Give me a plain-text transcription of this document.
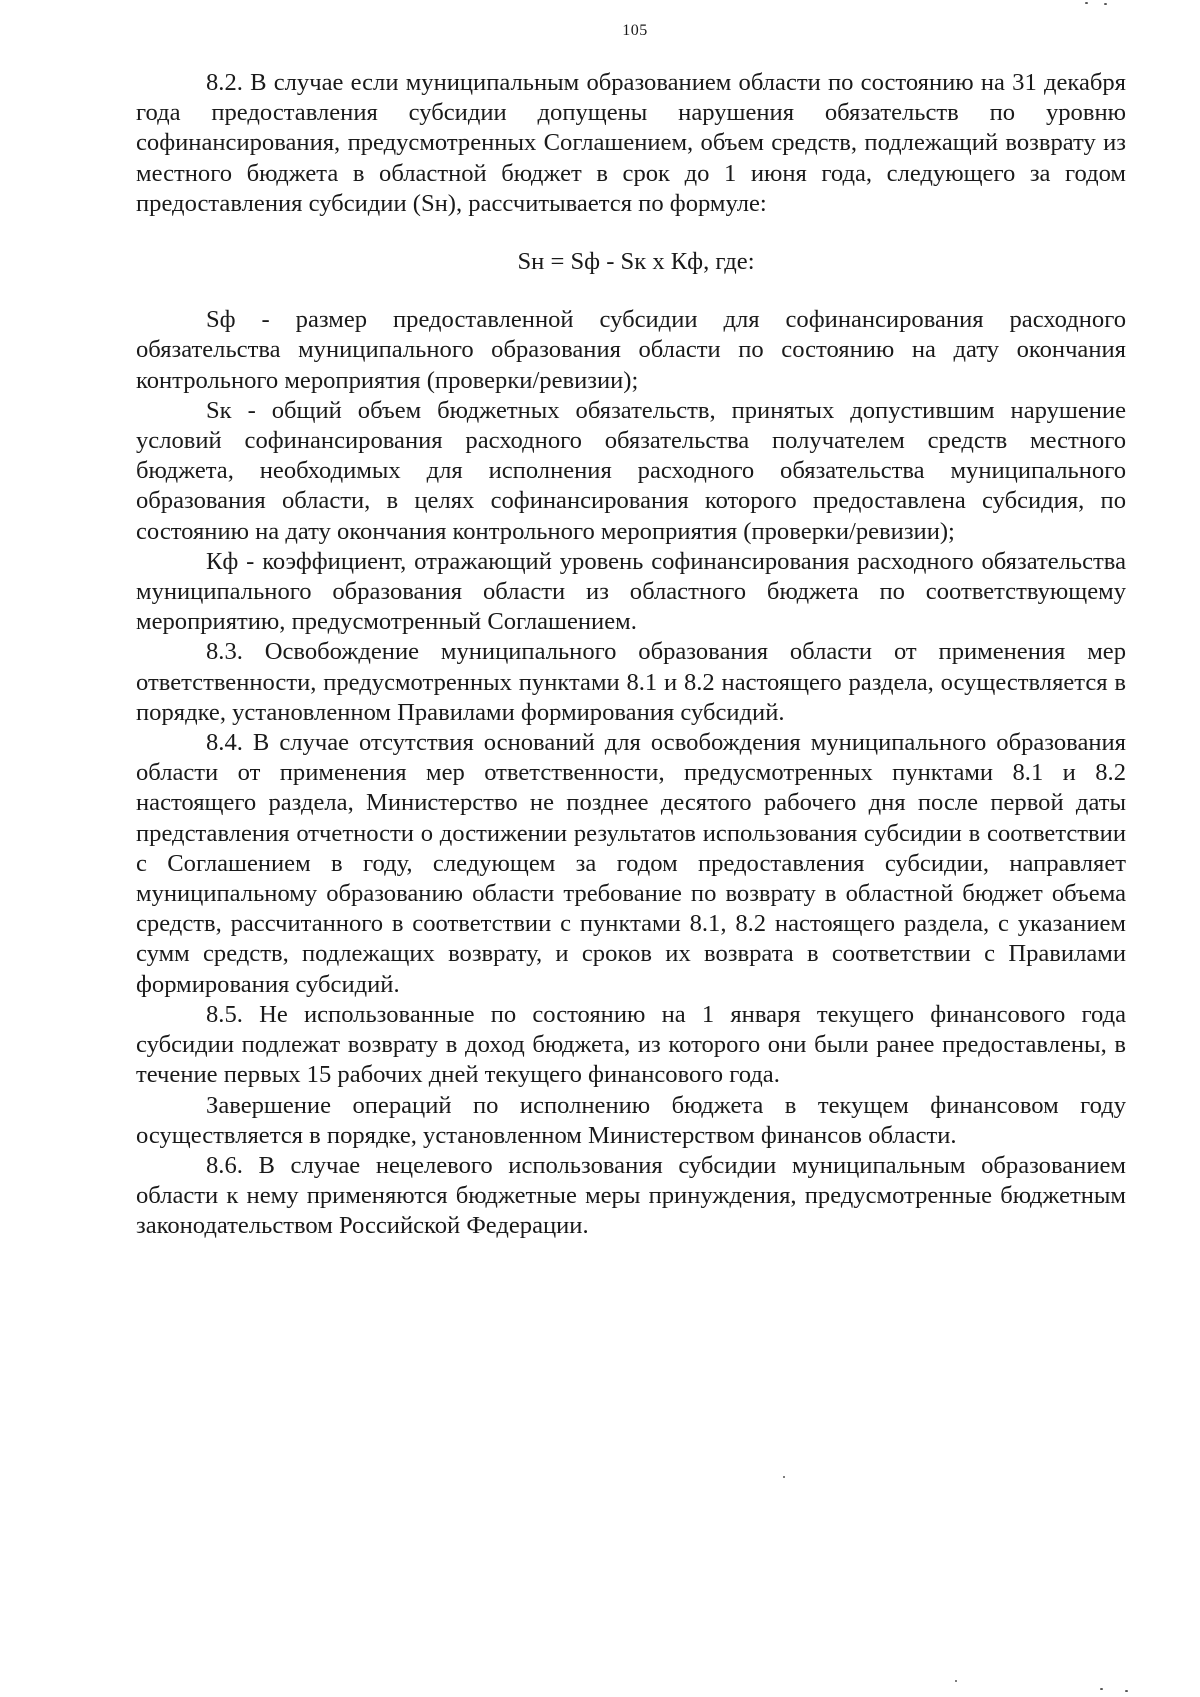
105

8.2. В случае если муниципальным образованием области по состоянию на 31 декабря года предоставления субсидии допущены нарушения обязательств по уровню софинансирования, предусмотренных Соглашением, объем средств, подлежащий возврату из местного бюджета в областной бюджет в срок до 1 июня года, следующего за годом предоставления субсидии (Sн), рассчитывается по формуле:

Sн = Sф - Sк x Кф, где:

Sф - размер предоставленной субсидии для софинансирования расходного обязательства муниципального образования области по состоянию на дату окончания контрольного мероприятия (проверки/ревизии);

Sк - общий объем бюджетных обязательств, принятых допустившим нарушение условий софинансирования расходного обязательства получателем средств местного бюджета, необходимых для исполнения расходного обязательства муниципального образования области, в целях софинансирования которого предоставлена субсидия, по состоянию на дату окончания контрольного мероприятия (проверки/ревизии);

Кф - коэффициент, отражающий уровень софинансирования расходного обязательства муниципального образования области из областного бюджета по соответствующему мероприятию, предусмотренный Соглашением.

8.3. Освобождение муниципального образования области от применения мер ответственности, предусмотренных пунктами 8.1 и 8.2 настоящего раздела, осуществляется в порядке, установленном Правилами формирования субсидий.

8.4. В случае отсутствия оснований для освобождения муниципального образования области от применения мер ответственности, предусмотренных пунктами 8.1 и 8.2 настоящего раздела, Министерство не позднее десятого рабочего дня после первой даты представления отчетности о достижении результатов использования субсидии в соответствии с Соглашением в году, следующем за годом предоставления субсидии, направляет муниципальному образованию области требование по возврату в областной бюджет объема средств, рассчитанного в соответствии с пунктами 8.1, 8.2 настоящего раздела, с указанием сумм средств, подлежащих возврату, и сроков их возврата в соответствии с Правилами формирования субсидий.

8.5. Не использованные по состоянию на 1 января текущего финансового года субсидии подлежат возврату в доход бюджета, из которого они были ранее предоставлены, в течение первых 15 рабочих дней текущего финансового года.

Завершение операций по исполнению бюджета в текущем финансовом году осуществляется в порядке, установленном Министерством финансов области.

8.6. В случае нецелевого использования субсидии муниципальным образованием области к нему применяются бюджетные меры принуждения, предусмотренные бюджетным законодательством Российской Федерации.
